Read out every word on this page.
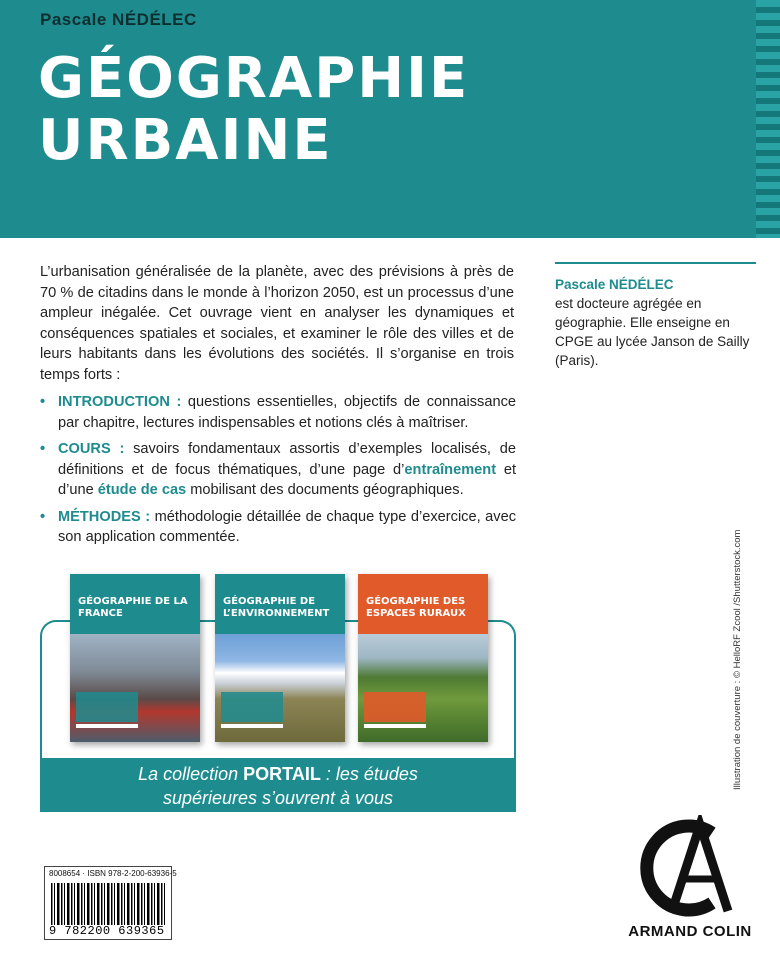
Pascale NÉDÉLEC
GÉOGRAPHIE
URBAINE

L’urbanisation généralisée de la planète, avec des prévisions à près de 70 % de citadins dans le monde à l’horizon 2050, est un processus d’une ampleur inégalée. Cet ouvrage vient en analyser les dynamiques et conséquences spatiales et sociales, et examiner le rôle des villes et de leurs habitants dans les évolutions des sociétés. Il s’organise en trois temps forts :

• INTRODUCTION : questions essentielles, objectifs de connaissance par chapitre, lectures indispensables et notions clés à maîtriser.
• COURS : savoirs fondamentaux assortis d’exemples localisés, de définitions et de focus thématiques, d’une page d’entraînement et d’une étude de cas mobilisant des documents géographiques.
• MÉTHODES : méthodologie détaillée de chaque type d’exercice, avec son application commentée.
Pascale NÉDÉLEC
est docteure agrégée en géographie. Elle enseigne en CPGE au lycée Janson de Sailly (Paris).
GÉOGRAPHIE DE LA FRANCE
GÉOGRAPHIE DE L’ENVIRONNEMENT
GÉOGRAPHIE DES ESPACES RURAUX
La collection PORTAIL : les études
supérieures s’ouvrent à vous
Illustration de couverture : © HelloRF Zcool /Shutterstock.com
8008654 · ISBN 978-2-200-63936-5
9 782200 639365	ARMAND COLIN
